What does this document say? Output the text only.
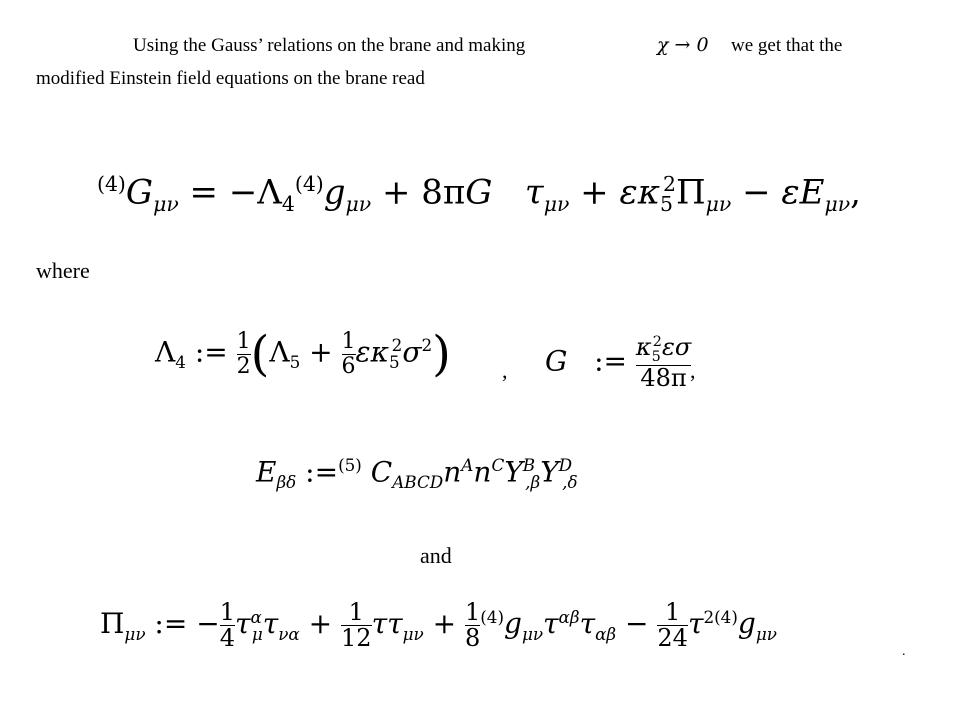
Using the Gauss’ relations on the brane and making	χ → 0 we get that the
modified Einstein field equations on the brane read
$^{(4)}G_{\mu\nu} = -\Lambda_4^{(4)}g_{\mu\nu} + 8\pi G$ $\tau_{\mu\nu} + \varepsilon\kappa_5^2\Pi_{\mu\nu} - \varepsilon E_{\mu\nu}$,
where
$\Lambda_4$ := $\frac{1}{2} (\Lambda_5 + \frac{1}{6} \varepsilon\kappa_5^2\sigma^2)$ , G   := $\frac{\kappa_5^2\varepsilon\sigma}{48\pi}$
,
$E_{\beta\delta}$ :=$^{(5)}$ $C_{ABCD}n^An^CY^B_{,\beta}Y^D_{,\delta}$
and
$\Pi_{\mu\nu}$ := − $\frac{1}{4} \tau^\alpha_\mu\tau_{\nu\alpha} + \frac{1}{12} \tau\tau_{\mu\nu} + \frac{1}{8} ^{(4)}g_{\mu\nu}\tau^{\alpha\beta}\tau_{\alpha\beta} - \frac{1}{24} \tau^{2(4)}g_{\mu\nu}$
.
